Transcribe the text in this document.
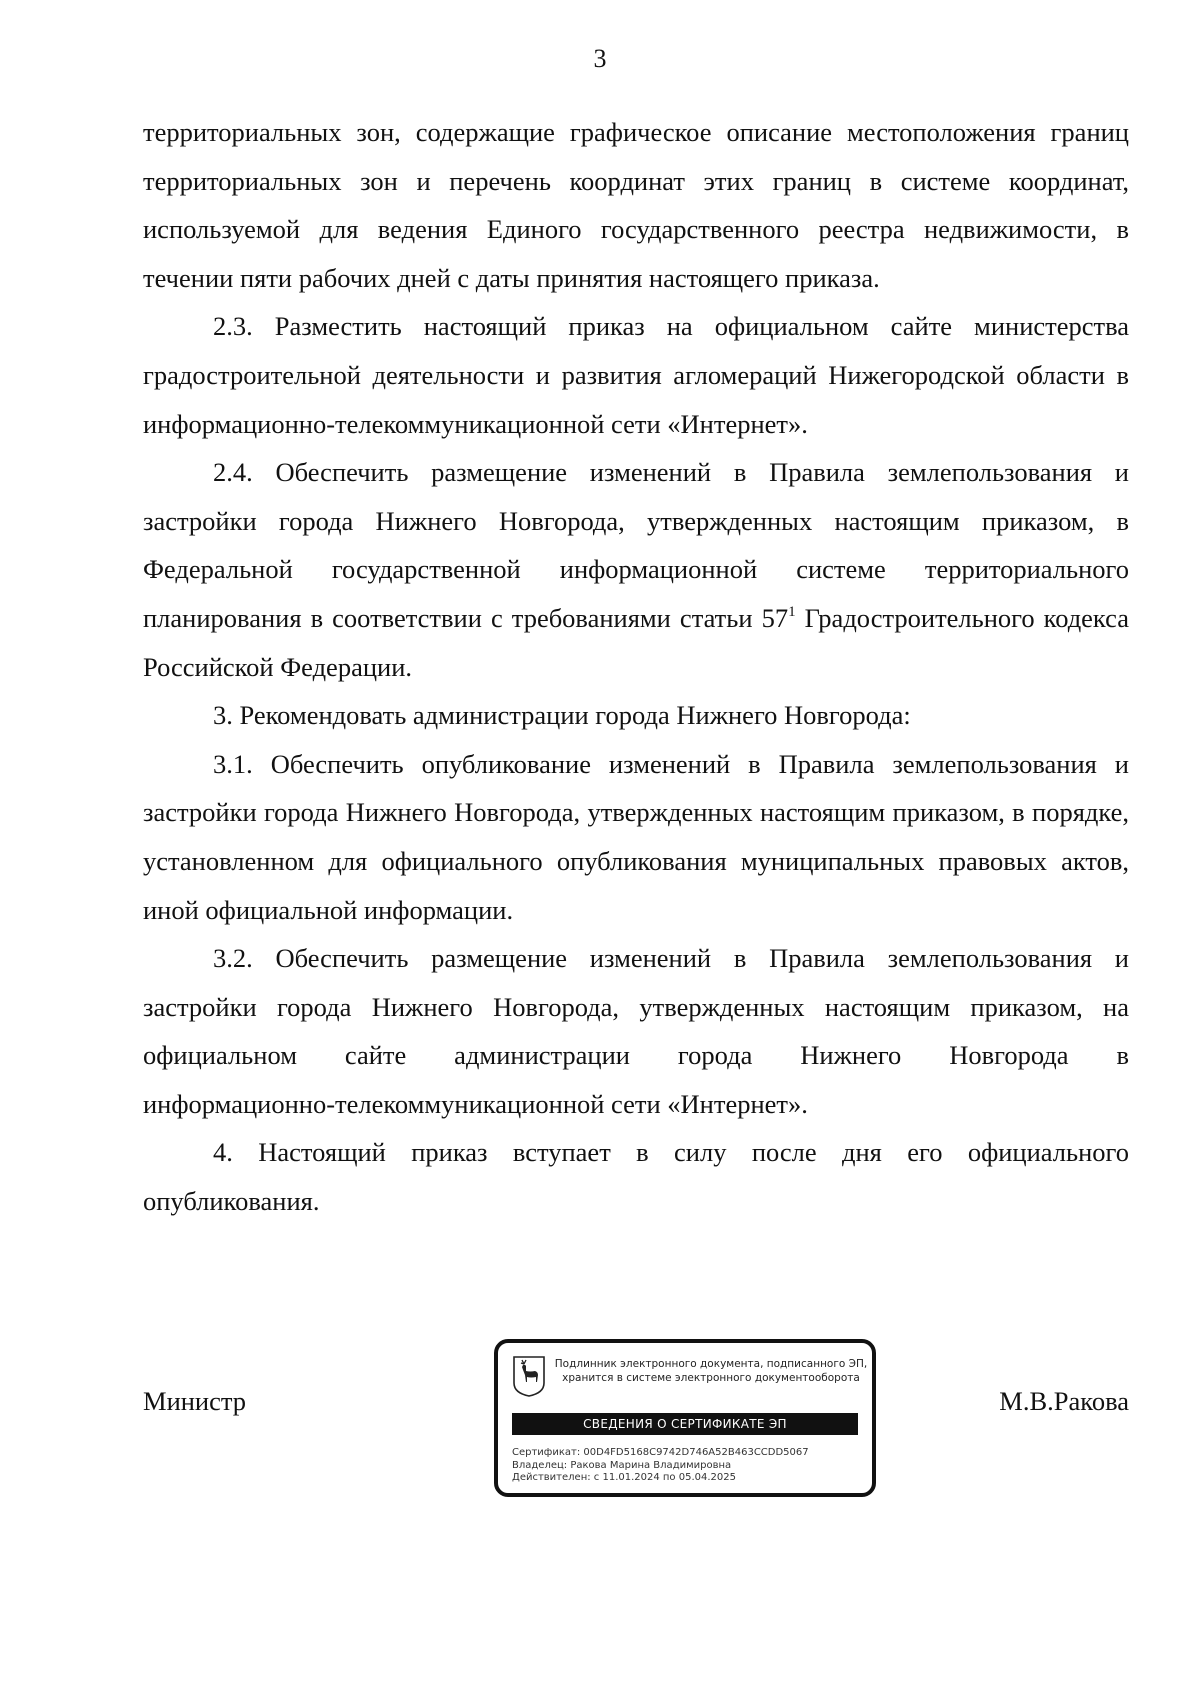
3

территориальных зон, содержащие графическое описание местоположения границ территориальных зон и перечень координат этих границ в системе координат, используемой для ведения Единого государственного реестра недвижимости, в течении пяти рабочих дней с даты принятия настоящего приказа.

2.3. Разместить настоящий приказ на официальном сайте министерства градостроительной деятельности и развития агломераций Нижегородской области в информационно-телекоммуникационной сети «Интернет».

2.4. Обеспечить размещение изменений в Правила землепользования и застройки города Нижнего Новгорода, утвержденных настоящим приказом, в Федеральной государственной информационной системе территориального планирования в соответствии с требованиями статьи $57^1$ Градостроительного кодекса Российской Федерации.

3. Рекомендовать администрации города Нижнего Новгорода:

3.1. Обеспечить опубликование изменений в Правила землепользования и застройки города Нижнего Новгорода, утвержденных настоящим приказом, в порядке, установленном для официального опубликования муниципальных правовых актов, иной официальной информации.

3.2. Обеспечить размещение изменений в Правила землепользования и застройки города Нижнего Новгорода, утвержденных настоящим приказом, на официальном сайте администрации города Нижнего Новгорода в

информационно-телекоммуникационной сети «Интернет».

4. Настоящий приказ вступает в силу после дня его официального опубликования.

Министр
Подлинник электронного документа, подписанного ЭП,
хранится в системе электронного документооборота
СВЕДЕНИЯ О СЕРТИФИКАТЕ ЭП
Сертификат: 00D4FD5168C9742D746A52B463CCDD5067
Владелец: Ракова Марина Владимировна
Действителен: с 11.01.2024 по 05.04.2025
М.В.Ракова
